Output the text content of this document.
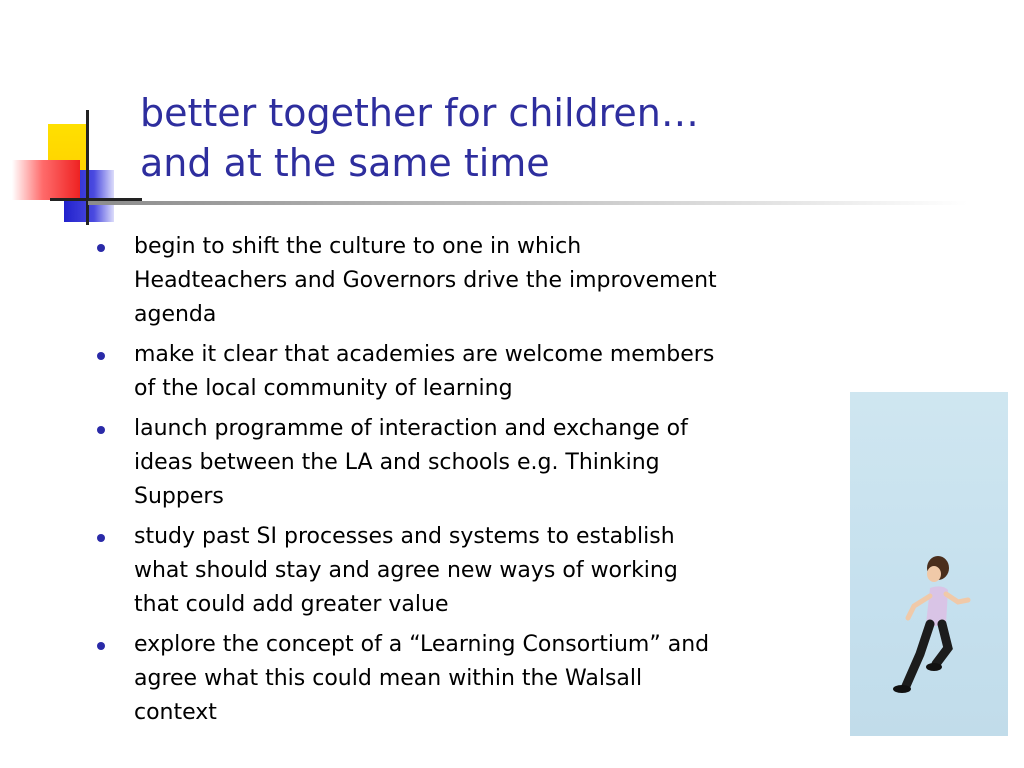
better together for children…
and at the same time
begin to shift the culture to one in which
Headteachers and Governors drive the improvement
agenda
make it clear that academies are welcome members
of the local community of learning
launch programme of interaction and exchange of
ideas between the LA and schools e.g. Thinking
Suppers
study past SI processes and systems to establish
what should stay and agree new ways of working
that could add greater value
explore the concept of a “Learning Consortium” and
agree what this could mean within the Walsall
context
